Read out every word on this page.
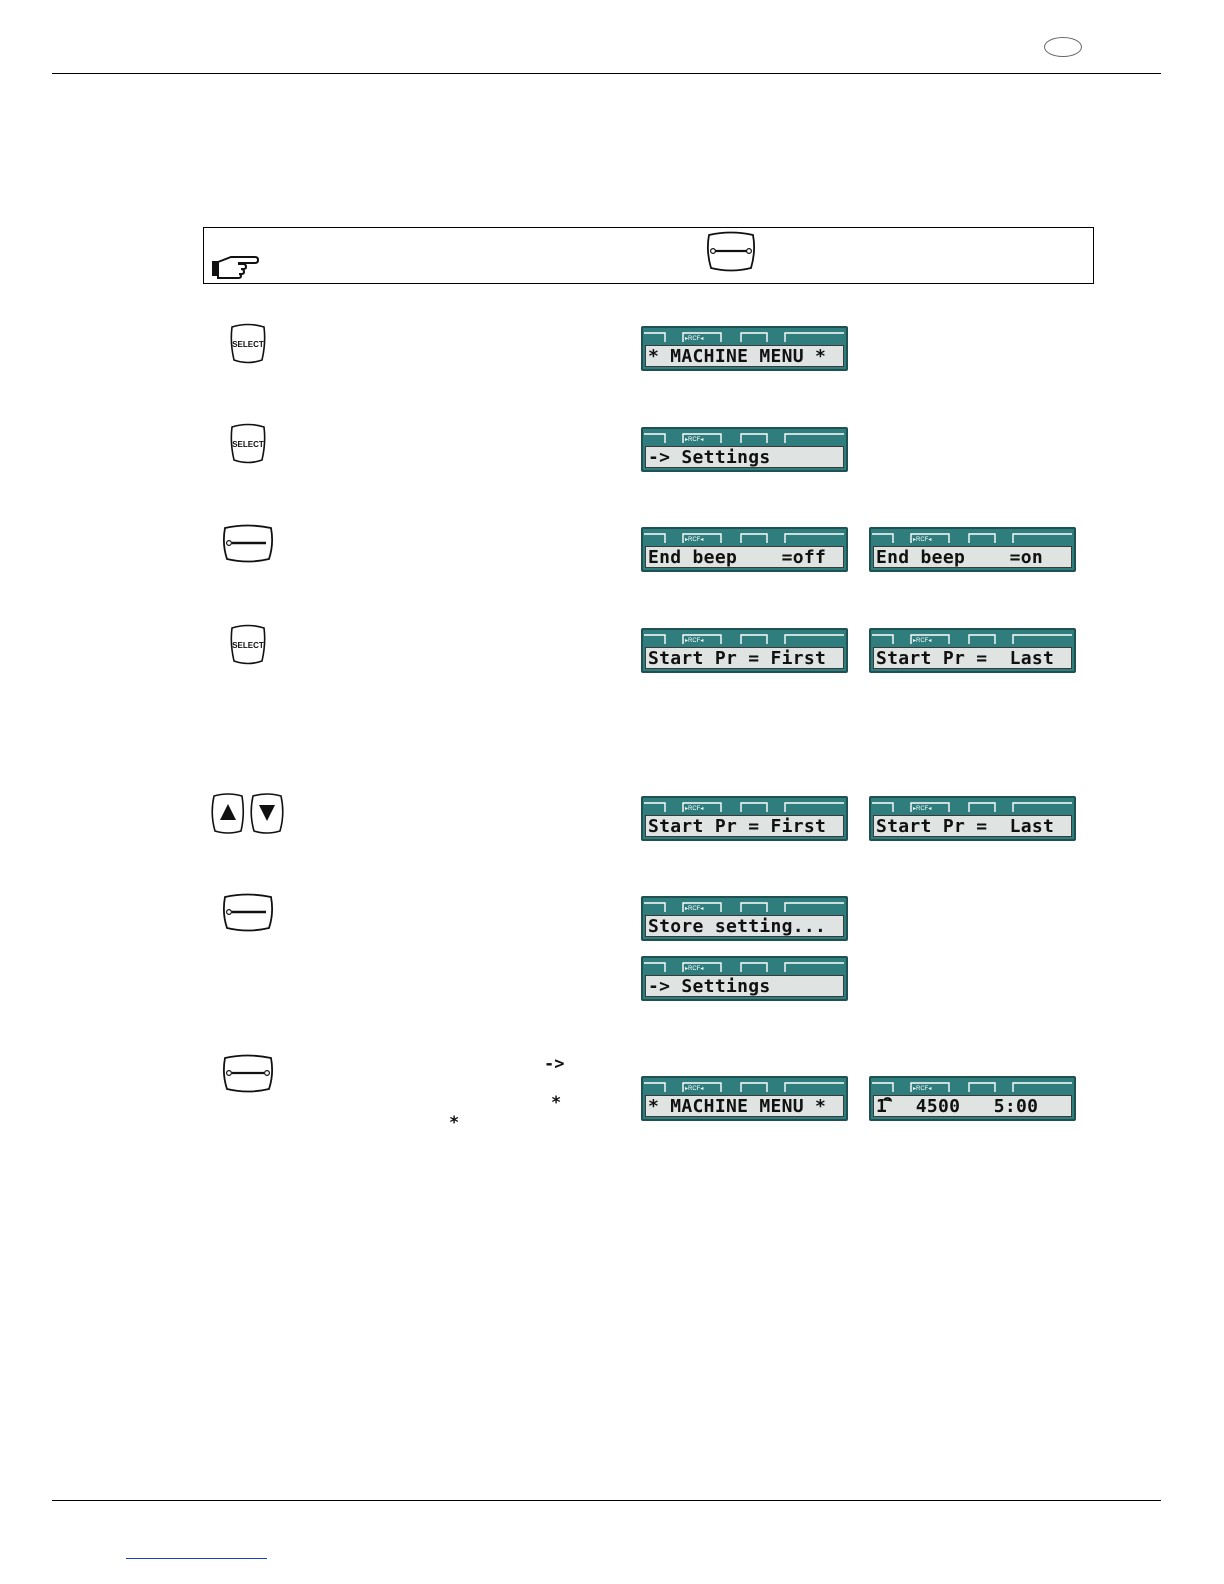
SELECT
SELECT
SELECT
->
*
*
▸RCF◂
* MACHINE MENU *
▸RCF◂
-> Settings
▸RCF◂
End beep    =off
▸RCF◂
End beep    =on
▸RCF◂
Start Pr = First
▸RCF◂
Start Pr =  Last
▸RCF◂
Start Pr = First
▸RCF◂
Start Pr =  Last
▸RCF◂
Store setting...
▸RCF◂
-> Settings
▸RCF◂
* MACHINE MENU *
▸RCF◂
1 ิ  4500   5:00
